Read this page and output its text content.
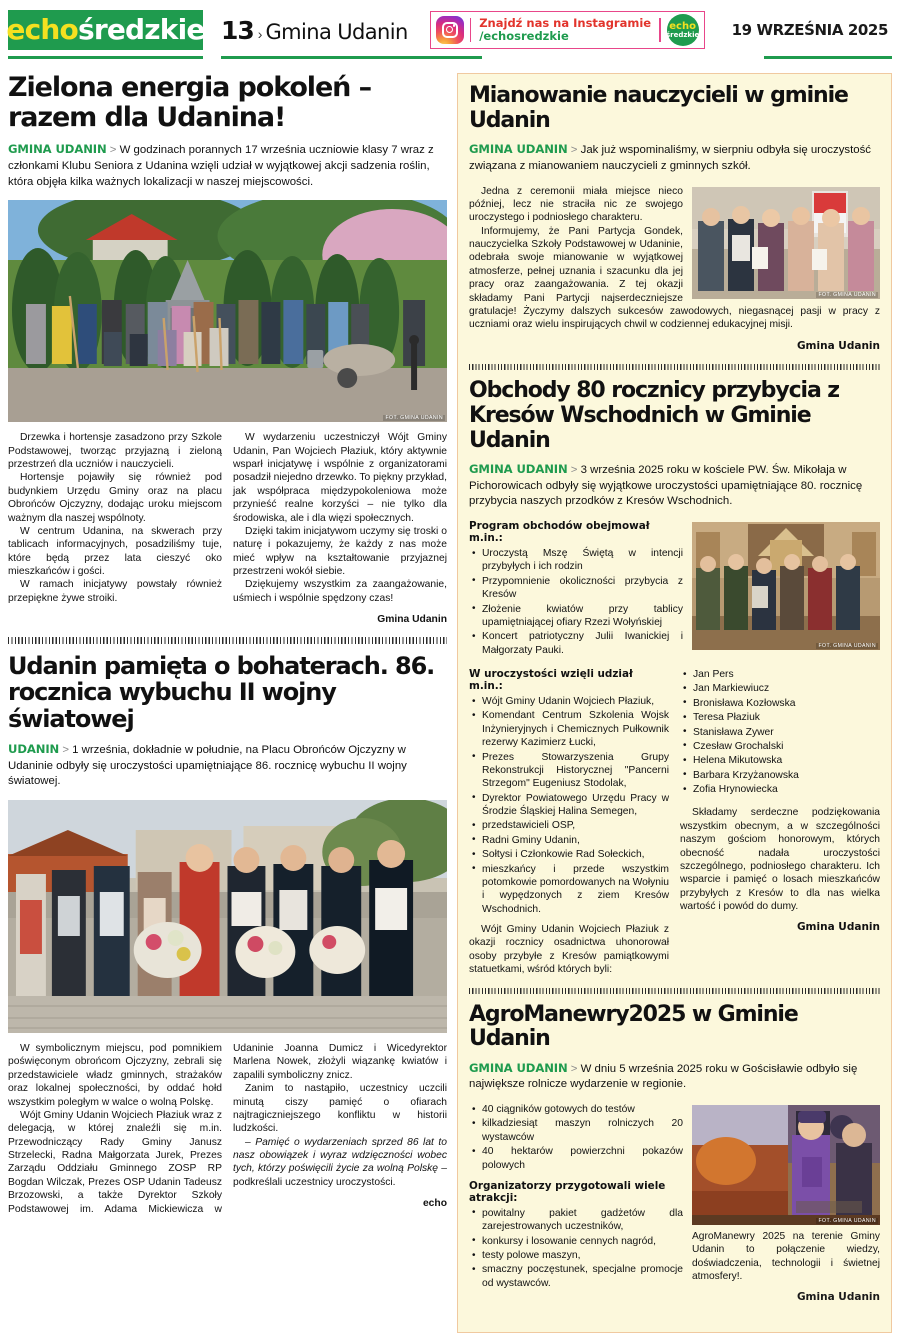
echośredzkie 13 › Gmina Udanin	Znajdź nas na Instagramie
/echosredzkie
echo
średzkie 19 WRZEŚNIA 2025
Zielona energia pokoleń – razem dla Udanina!

GMINA UDANIN > W godzinach porannych 17 września uczniowie klasy 7 wraz z członkami Klubu Seniora z Udanina wzięli udział w wyjątkowej akcji sadzenia roślin, która objęła kilka ważnych lokalizacji w naszej miejscowości.

FOT. GMINA UDANIN

Drzewka i hortensje zasadzono przy Szkole Podstawowej, tworząc przyjazną i zieloną przestrzeń dla uczniów i nauczycieli.

Hortensje pojawiły się również pod budynkiem Urzędu Gminy oraz na placu Obrońców Ojczyzny, dodając uroku miejscom ważnym dla naszej wspólnoty.

W centrum Udanina, na skwerach przy tablicach informacyjnych, posadziliśmy tuje, które będą przez lata cieszyć oko mieszkańców i gości.

W ramach inicjatywy powstały również przepiękne żywe stroiki.

W wydarzeniu uczestniczył Wójt Gminy Udanin, Pan Wojciech Płaziuk, który aktywnie wsparł inicjatywę i wspólnie z organizatorami posadził niejedno drzewko. To piękny przykład, jak współpraca międzypokoleniowa może przynieść realne korzyści – nie tylko dla środowiska, ale i dla więzi społecznych.

Dzięki takim inicjatywom uczymy się troski o naturę i pokazujemy, że każdy z nas może mieć wpływ na kształtowanie przyjaznej przestrzeni wokół siebie.

Dziękujemy wszystkim za zaangażowanie, uśmiech i wspólnie spędzony czas!

Gmina Udanin

Udanin pamięta o bohaterach. 86. rocznica wybuchu II wojny światowej

UDANIN > 1 września, dokładnie w południe, na Placu Obrońców Ojczyzny w Udaninie odbyły się uroczystości upamiętniające 86. rocznicę wybuchu II wojny światowej.

W symbolicznym miejscu, pod pomnikiem poświęconym obrońcom Ojczyzny, zebrali się przedstawiciele władz gminnych, strażaków oraz lokalnej społeczności, by oddać hołd wszystkim poległym w walce o wolną Polskę.

Wójt Gminy Udanin Wojciech Płaziuk wraz z delegacją, w której znaleźli się m.in. Przewodniczący Rady Gminy Janusz Strzelecki, Radna Małgorzata Jurek, Prezes Zarządu Oddziału Gminnego ZOSP RP Bogdan Wilczak, Prezes OSP Udanin Tadeusz Brzozowski, a także Dyrektor Szkoły Podstawowej im. Adama Mickiewicza w Udaninie Joanna Dumicz i Wicedyrektor Marlena Nowek, złożyli wiązankę kwiatów i zapalili symboliczny znicz.

Zanim to nastąpiło, uczestnicy uczcili minutą ciszy pamięć o ofiarach najtragiczniejszego konfliktu w historii ludzkości.

– Pamięć o wydarzeniach sprzed 86 lat to nasz obowiązek i wyraz wdzięczności wobec tych, którzy poświęcili życie za wolną Polskę – podkreślali uczestnicy uroczystości.

echo

Mianowanie nauczycieli w gminie Udanin

GMINA UDANIN > Jak już wspominaliśmy, w sierpniu odbyła się uroczystość związana z mianowaniem nauczycieli z gminnych szkół.

FOT. GMINA UDANIN

Jedna z ceremonii miała miejsce nieco później, lecz nie straciła nic ze swojego uroczystego i podniosłego charakteru.

Informujemy, że Pani Partycja Gondek, nauczycielka Szkoły Podstawowej w Udaninie, odebrała swoje mianowanie w wyjątkowej atmosferze, pełnej uznania i szacunku dla jej pracy oraz zaangażowania. Z tej okazji składamy Pani Partycji najserdeczniejsze gratulacje! Życzymy dalszych sukcesów zawodowych, niegasnącej pasji w pracy z uczniami oraz wielu inspirujących chwil w codziennej edukacyjnej misji.

Gmina Udanin

Obchody 80 rocznicy przybycia z Kresów Wschodnich w Gminie Udanin

GMINA UDANIN > 3 września 2025 roku w kościele PW. Św. Mikołaja w Pichorowicach odbyły się wyjątkowe uroczystości upamiętniające 80. rocznicę przybycia naszych przodków z Kresów Wschodnich.

FOT. GMINA UDANIN
Program obchodów obejmował m.in.:
• Uroczystą Mszę Świętą w intencji przybyłych i ich rodzin
• Przypomnienie okoliczności przybycia z Kresów
• Złożenie kwiatów przy tablicy upamiętniającej ofiary Rzezi Wołyńskiej
• Koncert patriotyczny Julii Iwanickiej i Małgorzaty Pauki.
W uroczystości wzięli udział m.in.:
• Wójt Gminy Udanin Wojciech Płaziuk,
• Komendant Centrum Szkolenia Wojsk Inżynieryjnych i Chemicznych Pułkownik rezerwy Kazimierz Łucki,
• Prezes Stowarzyszenia Grupy Rekonstrukcji Historycznej "Pancerni Strzegom" Eugeniusz Stodolak,
• Dyrektor Powiatowego Urzędu Pracy w Środzie Śląskiej Halina Semegen,
• przedstawicieli OSP,
• Radni Gminy Udanin,
• Sołtysi i Członkowie Rad Sołeckich,
• mieszkańcy i przede wszystkim potomkowie pomordowanych na Wołyniu i wypędzonych z ziem Kresów Wschodnich.

Wójt Gminy Udanin Wojciech Płaziuk z okazji rocznicy osadnictwa uhonorował osoby przybyłe z Kresów pamiątkowymi statuetkami, wśród których byli:

• Jan Pers
• Jan Markiewiucz
• Bronisława Kozłowska
• Teresa Płaziuk
• Stanisława Zywer
• Czesław Grochalski
• Helena Mikutowska
• Barbara Krzyżanowska
• Zofia Hrynowiecka

Składamy serdeczne podziękowania wszystkim obecnym, a w szczególności naszym gościom honorowym, których obecność nadała uroczystości szczególnego, podniosłego charakteru. Ich wsparcie i pamięć o losach mieszkańców przybyłych z Kresów to dla nas wielka wartość i powód do dumy.

Gmina Udanin

AgroManewry2025 w Gminie Udanin

GMINA UDANIN > W dniu 5 września 2025 roku w Gościsławie odbyło się największe rolnicze wydarzenie w regionie.

FOT. GMINA UDANIN

AgroManewry 2025 na terenie Gminy Udanin to połączenie wiedzy, doświadczenia, technologii i świetnej atmosfery!.

Gmina Udanin

• 40 ciągników gotowych do testów
• kilkadziesiąt maszyn rolniczych 20 wystawców
• 40 hektarów powierzchni pokazów polowych
Organizatorzy przygotowali wiele atrakcji:
• powitalny pakiet gadżetów dla zarejestrowanych uczestników,
• konkursy i losowanie cennych nagród,
• testy polowe maszyn,
• smaczny poczęstunek, specjalne promocje od wystawców.
